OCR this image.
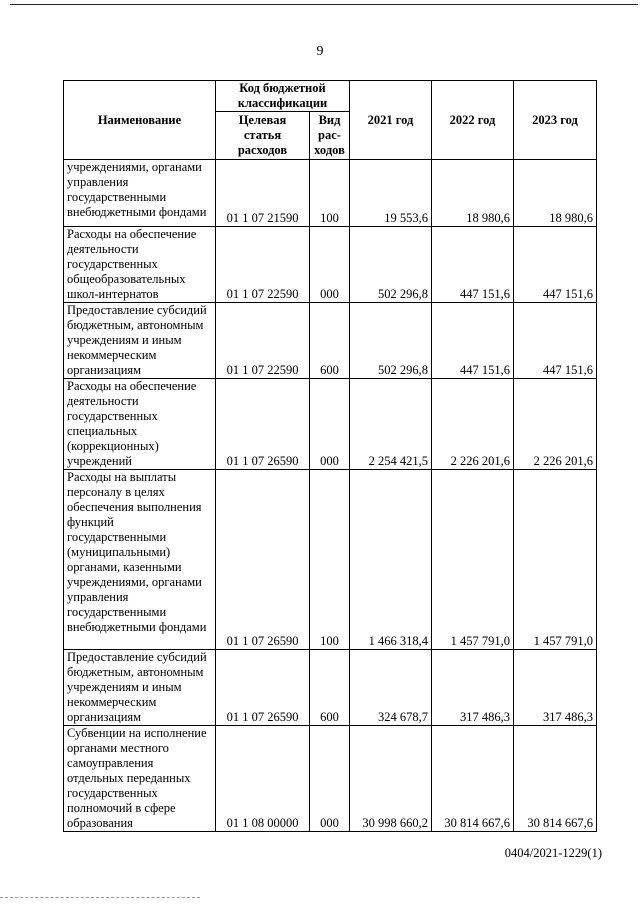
9
Наименование	Код бюджетной классификации		2021 год	2022 год	2023 год
	Целевая статья расходов	Вид рас-ходов			
учреждениями, органами управления государственными внебюджетными фондами	01 1 07 21590	100	19 553,6	18 980,6	18 980,6
Расходы на обеспечение деятельности государственных общеобразовательных школ-интернатов	01 1 07 22590	000	502 296,8	447 151,6	447 151,6
Предоставление субсидий бюджетным, автономным учреждениям и иным некоммерческим организациям	01 1 07 22590	600	502 296,8	447 151,6	447 151,6
Расходы на обеспечение деятельности государственных специальных (коррекционных) учреждений	01 1 07 26590	000	2 254 421,5	2 226 201,6	2 226 201,6
Расходы на выплаты персоналу в целях обеспечения выполнения функций государственными (муниципальными) органами, казенными учреждениями, органами управления государственными внебюджетными фондами	01 1 07 26590	100	1 466 318,4	1 457 791,0	1 457 791,0
Предоставление субсидий бюджетным, автономным учреждениям и иным некоммерческим организациям	01 1 07 26590	600	324 678,7	317 486,3	317 486,3
Субвенции на исполнение органами местного самоуправления отдельных переданных государственных полномочий в сфере образования	01 1 08 00000	000	30 998 660,2	30 814 667,6	30 814 667,6
0404/2021-1229(1)
